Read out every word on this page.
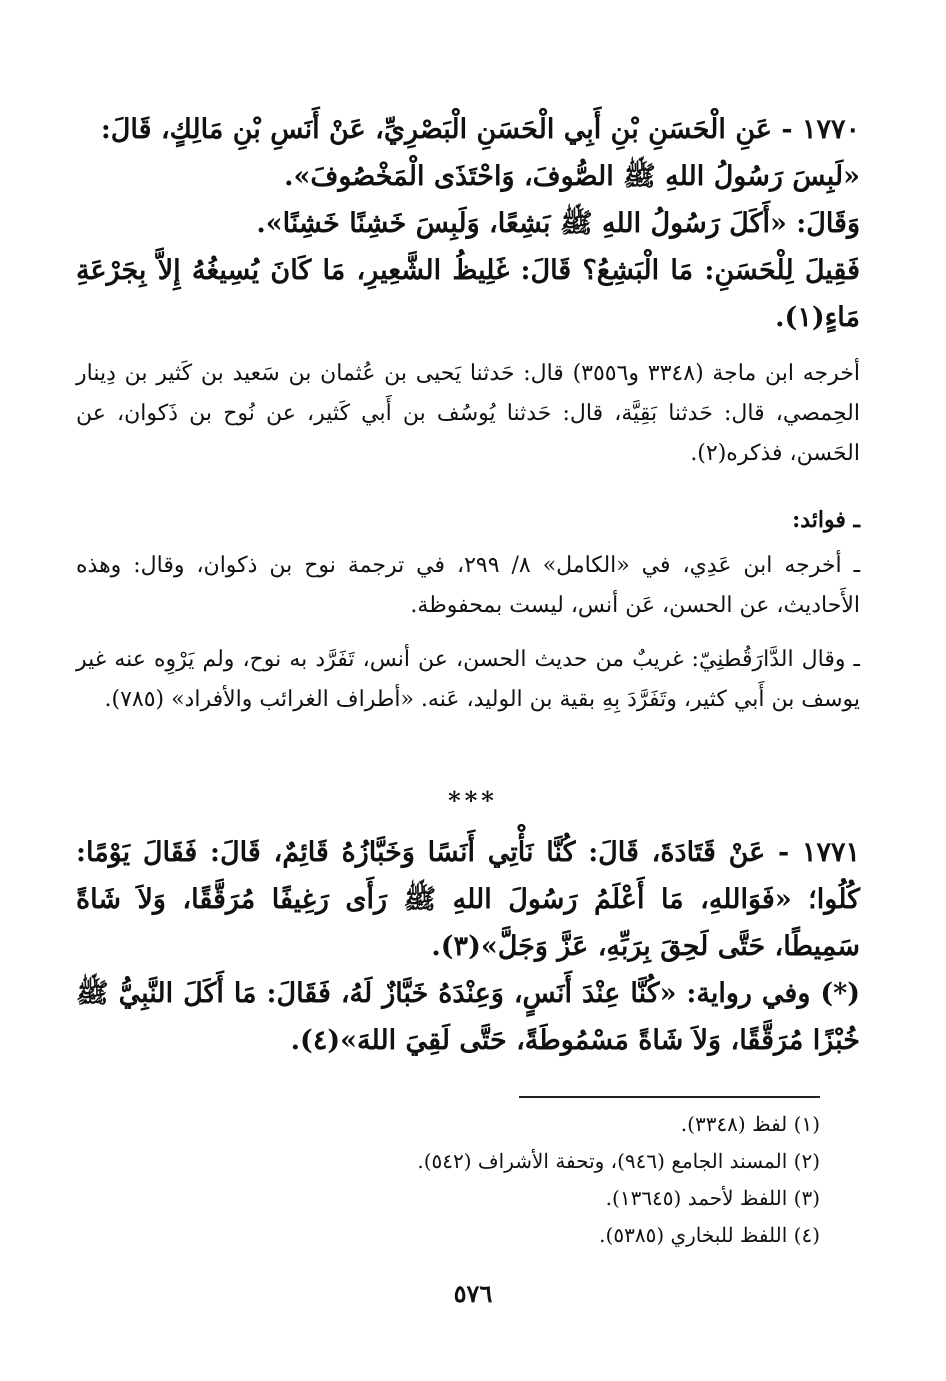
١٧٧٠ - عَنِ الْحَسَنِ بْنِ أَبِي الْحَسَنِ الْبَصْرِيِّ، عَنْ أَنَسِ بْنِ مَالِكٍ، قَالَ:

«لَبِسَ رَسُولُ اللهِ ﷺ الصُّوفَ، وَاحْتَذَى الْمَخْصُوفَ».

وَقَالَ: «أَكَلَ رَسُولُ اللهِ ﷺ بَشِعًا، وَلَبِسَ خَشِنًا خَشِنًا».

فَقِيلَ لِلْحَسَنِ: مَا الْبَشِعُ؟ قَالَ: غَلِيظُ الشَّعِيرِ، مَا كَانَ يُسِيغُهُ إِلاَّ بِجَرْعَةِ مَاءٍ(١).

أخرجه ابن ماجة (٣٣٤٨ و٣٥٥٦) قال: حَدثنا يَحيى بن عُثمان بن سَعيد بن كَثير بن دِينار الحِمصي، قال: حَدثنا بَقِيَّة، قال: حَدثنا يُوسُف بن أَبي كَثير، عن نُوح بن ذَكوان، عن الحَسن، فذكره(٢).

ـ فوائد:

ـ أخرجه ابن عَدِي، في «الكامل» ٨/ ٢٩٩، في ترجمة نوح بن ذكوان، وقال: وهذه الأَحاديث، عن الحسن، عَن أنس، ليست بمحفوظة.

ـ وقال الدَّارَقُطنِيّ: غريبٌ من حديث الحسن، عن أنس، تَفَرَّد به نوح، ولم يَرْوِه عنه غير يوسف بن أَبي كثير، وتَفَرَّدَ بِهِ بقية بن الوليد، عَنه. «أطراف الغرائب والأفراد» (٧٨٥).

***

١٧٧١ - عَنْ قَتَادَةَ، قَالَ: كُنَّا نَأْتِي أَنَسًا وَخَبَّازُهُ قَائِمٌ، قَالَ: فَقَالَ يَوْمًا: كُلُوا؛ «فَوَاللهِ، مَا أَعْلَمُ رَسُولَ اللهِ ﷺ رَأَى رَغِيفًا مُرَقَّقًا، وَلاَ شَاةً سَمِيطًا، حَتَّى لَحِقَ بِرَبِّهِ، عَزَّ وَجَلَّ»(٣).

(*) وفي رواية: «كُنَّا عِنْدَ أَنَسٍ، وَعِنْدَهُ خَبَّازٌ لَهُ، فَقَالَ: مَا أَكَلَ النَّبِيُّ ﷺ خُبْزًا مُرَقَّقًا، وَلاَ شَاةً مَسْمُوطَةً، حَتَّى لَقِيَ اللهَ»(٤).

(١) لفظ (٣٣٤٨).
(٢) المسند الجامع (٩٤٦)، وتحفة الأشراف (٥٤٢).
(٣) اللفظ لأحمد (١٣٦٤٥).
(٤) اللفظ للبخاري (٥٣٨٥).
٥٧٦
